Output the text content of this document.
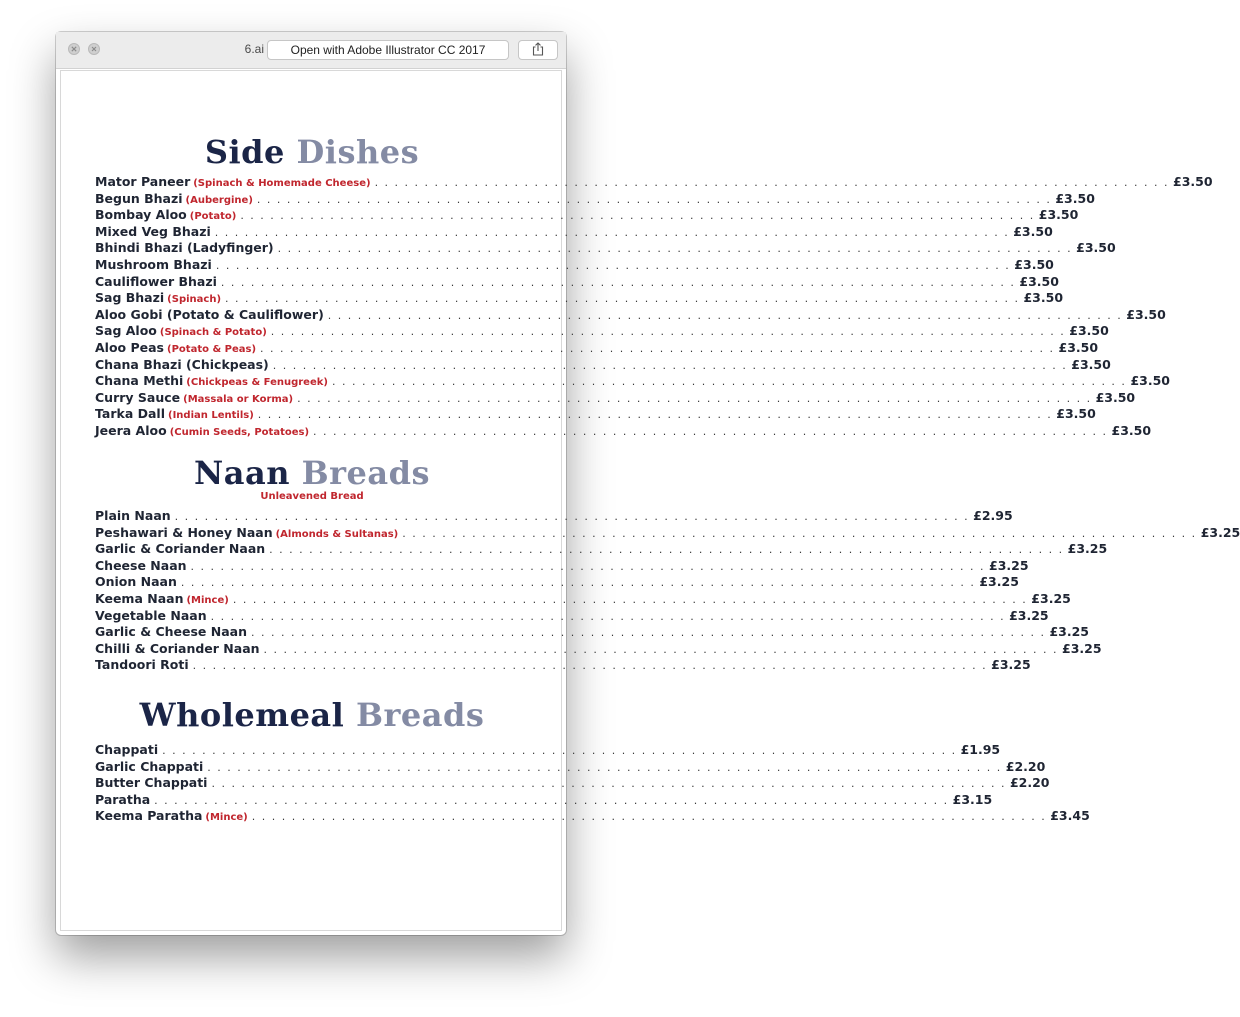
6.ai	Open with Adobe Illustrator CC 2017
Side Dishes
Mator Paneer (Spinach & Homemade Cheese) . . . . . . . . . . . . . . . . . . . . . . . . . . . . . . . . . . . . . . . . . . . . . . . . . . . . . . . . . . . . . . . . . . . . . . . . . . . . . . . . £3.50
Begun Bhazi (Aubergine) . . . . . . . . . . . . . . . . . . . . . . . . . . . . . . . . . . . . . . . . . . . . . . . . . . . . . . . . . . . . . . . . . . . . . . . . . . . . . . . . £3.50
Bombay Aloo (Potato) . . . . . . . . . . . . . . . . . . . . . . . . . . . . . . . . . . . . . . . . . . . . . . . . . . . . . . . . . . . . . . . . . . . . . . . . . . . . . . . . £3.50
Mixed Veg Bhazi . . . . . . . . . . . . . . . . . . . . . . . . . . . . . . . . . . . . . . . . . . . . . . . . . . . . . . . . . . . . . . . . . . . . . . . . . . . . . . . . £3.50
Bhindi Bhazi (Ladyfinger) . . . . . . . . . . . . . . . . . . . . . . . . . . . . . . . . . . . . . . . . . . . . . . . . . . . . . . . . . . . . . . . . . . . . . . . . . . . . . . . . £3.50
Mushroom Bhazi . . . . . . . . . . . . . . . . . . . . . . . . . . . . . . . . . . . . . . . . . . . . . . . . . . . . . . . . . . . . . . . . . . . . . . . . . . . . . . . . £3.50
Cauliflower Bhazi . . . . . . . . . . . . . . . . . . . . . . . . . . . . . . . . . . . . . . . . . . . . . . . . . . . . . . . . . . . . . . . . . . . . . . . . . . . . . . . . £3.50
Sag Bhazi (Spinach) . . . . . . . . . . . . . . . . . . . . . . . . . . . . . . . . . . . . . . . . . . . . . . . . . . . . . . . . . . . . . . . . . . . . . . . . . . . . . . . . £3.50
Aloo Gobi (Potato & Cauliflower) . . . . . . . . . . . . . . . . . . . . . . . . . . . . . . . . . . . . . . . . . . . . . . . . . . . . . . . . . . . . . . . . . . . . . . . . . . . . . . . . £3.50
Sag Aloo (Spinach & Potato) . . . . . . . . . . . . . . . . . . . . . . . . . . . . . . . . . . . . . . . . . . . . . . . . . . . . . . . . . . . . . . . . . . . . . . . . . . . . . . . . £3.50
Aloo Peas (Potato & Peas) . . . . . . . . . . . . . . . . . . . . . . . . . . . . . . . . . . . . . . . . . . . . . . . . . . . . . . . . . . . . . . . . . . . . . . . . . . . . . . . . £3.50
Chana Bhazi (Chickpeas) . . . . . . . . . . . . . . . . . . . . . . . . . . . . . . . . . . . . . . . . . . . . . . . . . . . . . . . . . . . . . . . . . . . . . . . . . . . . . . . . £3.50
Chana Methi (Chickpeas & Fenugreek) . . . . . . . . . . . . . . . . . . . . . . . . . . . . . . . . . . . . . . . . . . . . . . . . . . . . . . . . . . . . . . . . . . . . . . . . . . . . . . . . £3.50
Curry Sauce (Massala or Korma) . . . . . . . . . . . . . . . . . . . . . . . . . . . . . . . . . . . . . . . . . . . . . . . . . . . . . . . . . . . . . . . . . . . . . . . . . . . . . . . . £3.50
Tarka Dall (Indian Lentils) . . . . . . . . . . . . . . . . . . . . . . . . . . . . . . . . . . . . . . . . . . . . . . . . . . . . . . . . . . . . . . . . . . . . . . . . . . . . . . . . £3.50
Jeera Aloo (Cumin Seeds, Potatoes) . . . . . . . . . . . . . . . . . . . . . . . . . . . . . . . . . . . . . . . . . . . . . . . . . . . . . . . . . . . . . . . . . . . . . . . . . . . . . . . . £3.50
Naan Breads
Unleavened Bread
Plain Naan . . . . . . . . . . . . . . . . . . . . . . . . . . . . . . . . . . . . . . . . . . . . . . . . . . . . . . . . . . . . . . . . . . . . . . . . . . . . . . . . £2.95
Peshawari & Honey Naan (Almonds & Sultanas) . . . . . . . . . . . . . . . . . . . . . . . . . . . . . . . . . . . . . . . . . . . . . . . . . . . . . . . . . . . . . . . . . . . . . . . . . . . . . . . . £3.25
Garlic & Coriander Naan . . . . . . . . . . . . . . . . . . . . . . . . . . . . . . . . . . . . . . . . . . . . . . . . . . . . . . . . . . . . . . . . . . . . . . . . . . . . . . . . £3.25
Cheese Naan . . . . . . . . . . . . . . . . . . . . . . . . . . . . . . . . . . . . . . . . . . . . . . . . . . . . . . . . . . . . . . . . . . . . . . . . . . . . . . . . £3.25
Onion Naan . . . . . . . . . . . . . . . . . . . . . . . . . . . . . . . . . . . . . . . . . . . . . . . . . . . . . . . . . . . . . . . . . . . . . . . . . . . . . . . . £3.25
Keema Naan (Mince) . . . . . . . . . . . . . . . . . . . . . . . . . . . . . . . . . . . . . . . . . . . . . . . . . . . . . . . . . . . . . . . . . . . . . . . . . . . . . . . . £3.25
Vegetable Naan . . . . . . . . . . . . . . . . . . . . . . . . . . . . . . . . . . . . . . . . . . . . . . . . . . . . . . . . . . . . . . . . . . . . . . . . . . . . . . . . £3.25
Garlic & Cheese Naan . . . . . . . . . . . . . . . . . . . . . . . . . . . . . . . . . . . . . . . . . . . . . . . . . . . . . . . . . . . . . . . . . . . . . . . . . . . . . . . . £3.25
Chilli & Coriander Naan . . . . . . . . . . . . . . . . . . . . . . . . . . . . . . . . . . . . . . . . . . . . . . . . . . . . . . . . . . . . . . . . . . . . . . . . . . . . . . . . £3.25
Tandoori Roti . . . . . . . . . . . . . . . . . . . . . . . . . . . . . . . . . . . . . . . . . . . . . . . . . . . . . . . . . . . . . . . . . . . . . . . . . . . . . . . . £3.25
Wholemeal Breads
Chappati . . . . . . . . . . . . . . . . . . . . . . . . . . . . . . . . . . . . . . . . . . . . . . . . . . . . . . . . . . . . . . . . . . . . . . . . . . . . . . . . £1.95
Garlic Chappati . . . . . . . . . . . . . . . . . . . . . . . . . . . . . . . . . . . . . . . . . . . . . . . . . . . . . . . . . . . . . . . . . . . . . . . . . . . . . . . . £2.20
Butter Chappati . . . . . . . . . . . . . . . . . . . . . . . . . . . . . . . . . . . . . . . . . . . . . . . . . . . . . . . . . . . . . . . . . . . . . . . . . . . . . . . . £2.20
Paratha . . . . . . . . . . . . . . . . . . . . . . . . . . . . . . . . . . . . . . . . . . . . . . . . . . . . . . . . . . . . . . . . . . . . . . . . . . . . . . . . £3.15
Keema Paratha (Mince) . . . . . . . . . . . . . . . . . . . . . . . . . . . . . . . . . . . . . . . . . . . . . . . . . . . . . . . . . . . . . . . . . . . . . . . . . . . . . . . . £3.45
